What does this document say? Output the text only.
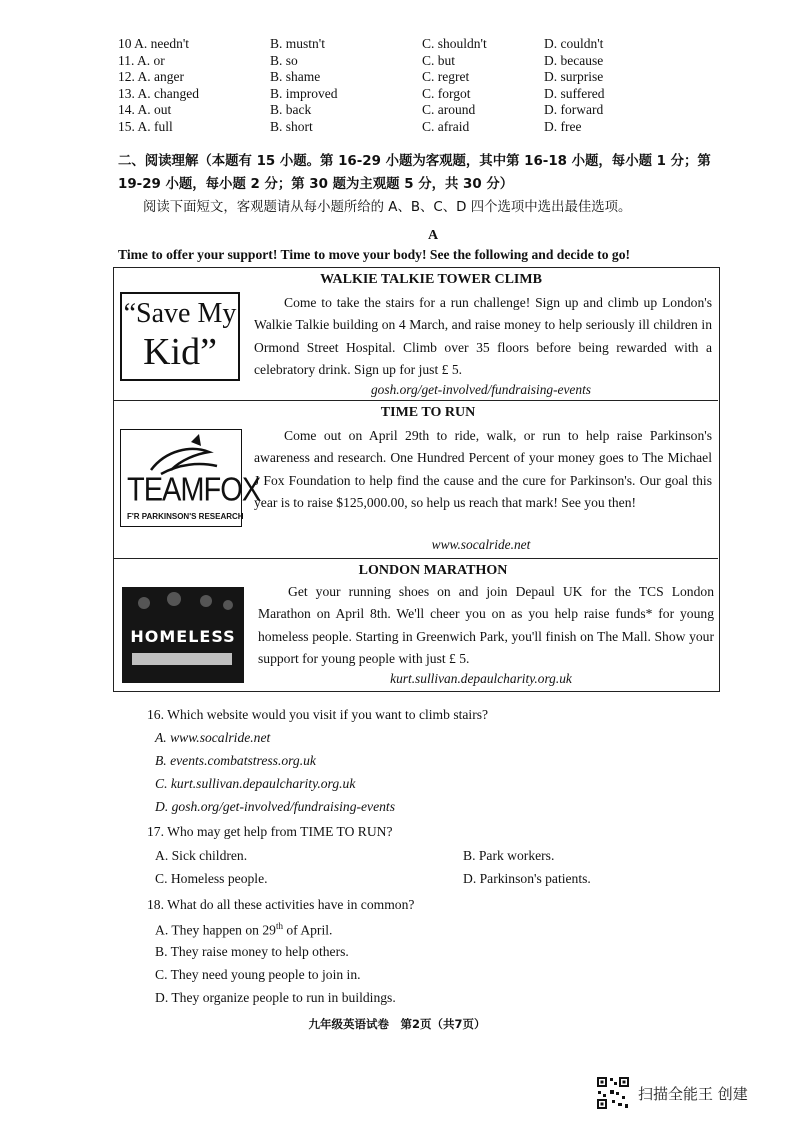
10 A. needn't	B. mustn't	C. shouldn't	D. couldn't
11. A. or	B. so	C. but	D. because
12. A. anger	B. shame	C. regret	D. surprise
13. A. changed	B. improved	C. forgot	D. suffered
14. A. out	B. back	C. around	D. forward
15. A. full	B. short	C. afraid	D. free
二、阅读理解（本题有 15 小题。第 16-29 小题为客观题，其中第 16-18 小题，每小题 1 分；第 19-29 小题，每小题 2 分；第 30 题为主观题 5 分，共 30 分）
阅读下面短文，客观题请从每小题所给的 A、B、C、D 四个选项中选出最佳选项。
A
Time to offer your support! Time to move your body! See the following and decide to go!
“Save My
Kid”
WALKIE TALKIE TOWER CLIMB
Come to take the stairs for a run challenge! Sign up and climb up London's Walkie Talkie building on 4 March, and raise money to help seriously ill children in Ormond Street Hospital. Climb over 35 floors before being rewarded with a celebratory drink. Sign up for just £ 5.
gosh.org/get-involved/fundraising-events
TEAMFOX
F'R PARKINSON'S RESEARCH
TIME TO RUN
Come out on April 29th to ride, walk, or run to help raise Parkinson's awareness and research. One Hundred Percent of your money goes to The Michael J Fox Foundation to help find the cause and the cure for Parkinson's. Our goal this year is to raise $125,000.00, so help us reach that mark! See you then!
www.socalride.net
HOMELESS
LONDON MARATHON
Get your running shoes on and join Depaul UK for the TCS London Marathon on April 8th. We'll cheer you on as you help raise funds* for young homeless people. Starting in Greenwich Park, you'll finish on The Mall. Show your support for young people with just £ 5.
kurt.sullivan.depaulcharity.org.uk
16. Which website would you visit if you want to climb stairs?
A. www.socalride.net
B. events.combatstress.org.uk
C. kurt.sullivan.depaulcharity.org.uk
D. gosh.org/get-involved/fundraising-events
17. Who may get help from TIME TO RUN?
A. Sick children.	B. Park workers.
C. Homeless people.	D. Parkinson's patients.
18. What do all these activities have in common?
A. They happen on 29th of April.
B. They raise money to help others.
C. They need young people to join in.
D. They organize people to run in buildings.
九年级英语试卷　第2页（共7页）
扫描全能王 创建
